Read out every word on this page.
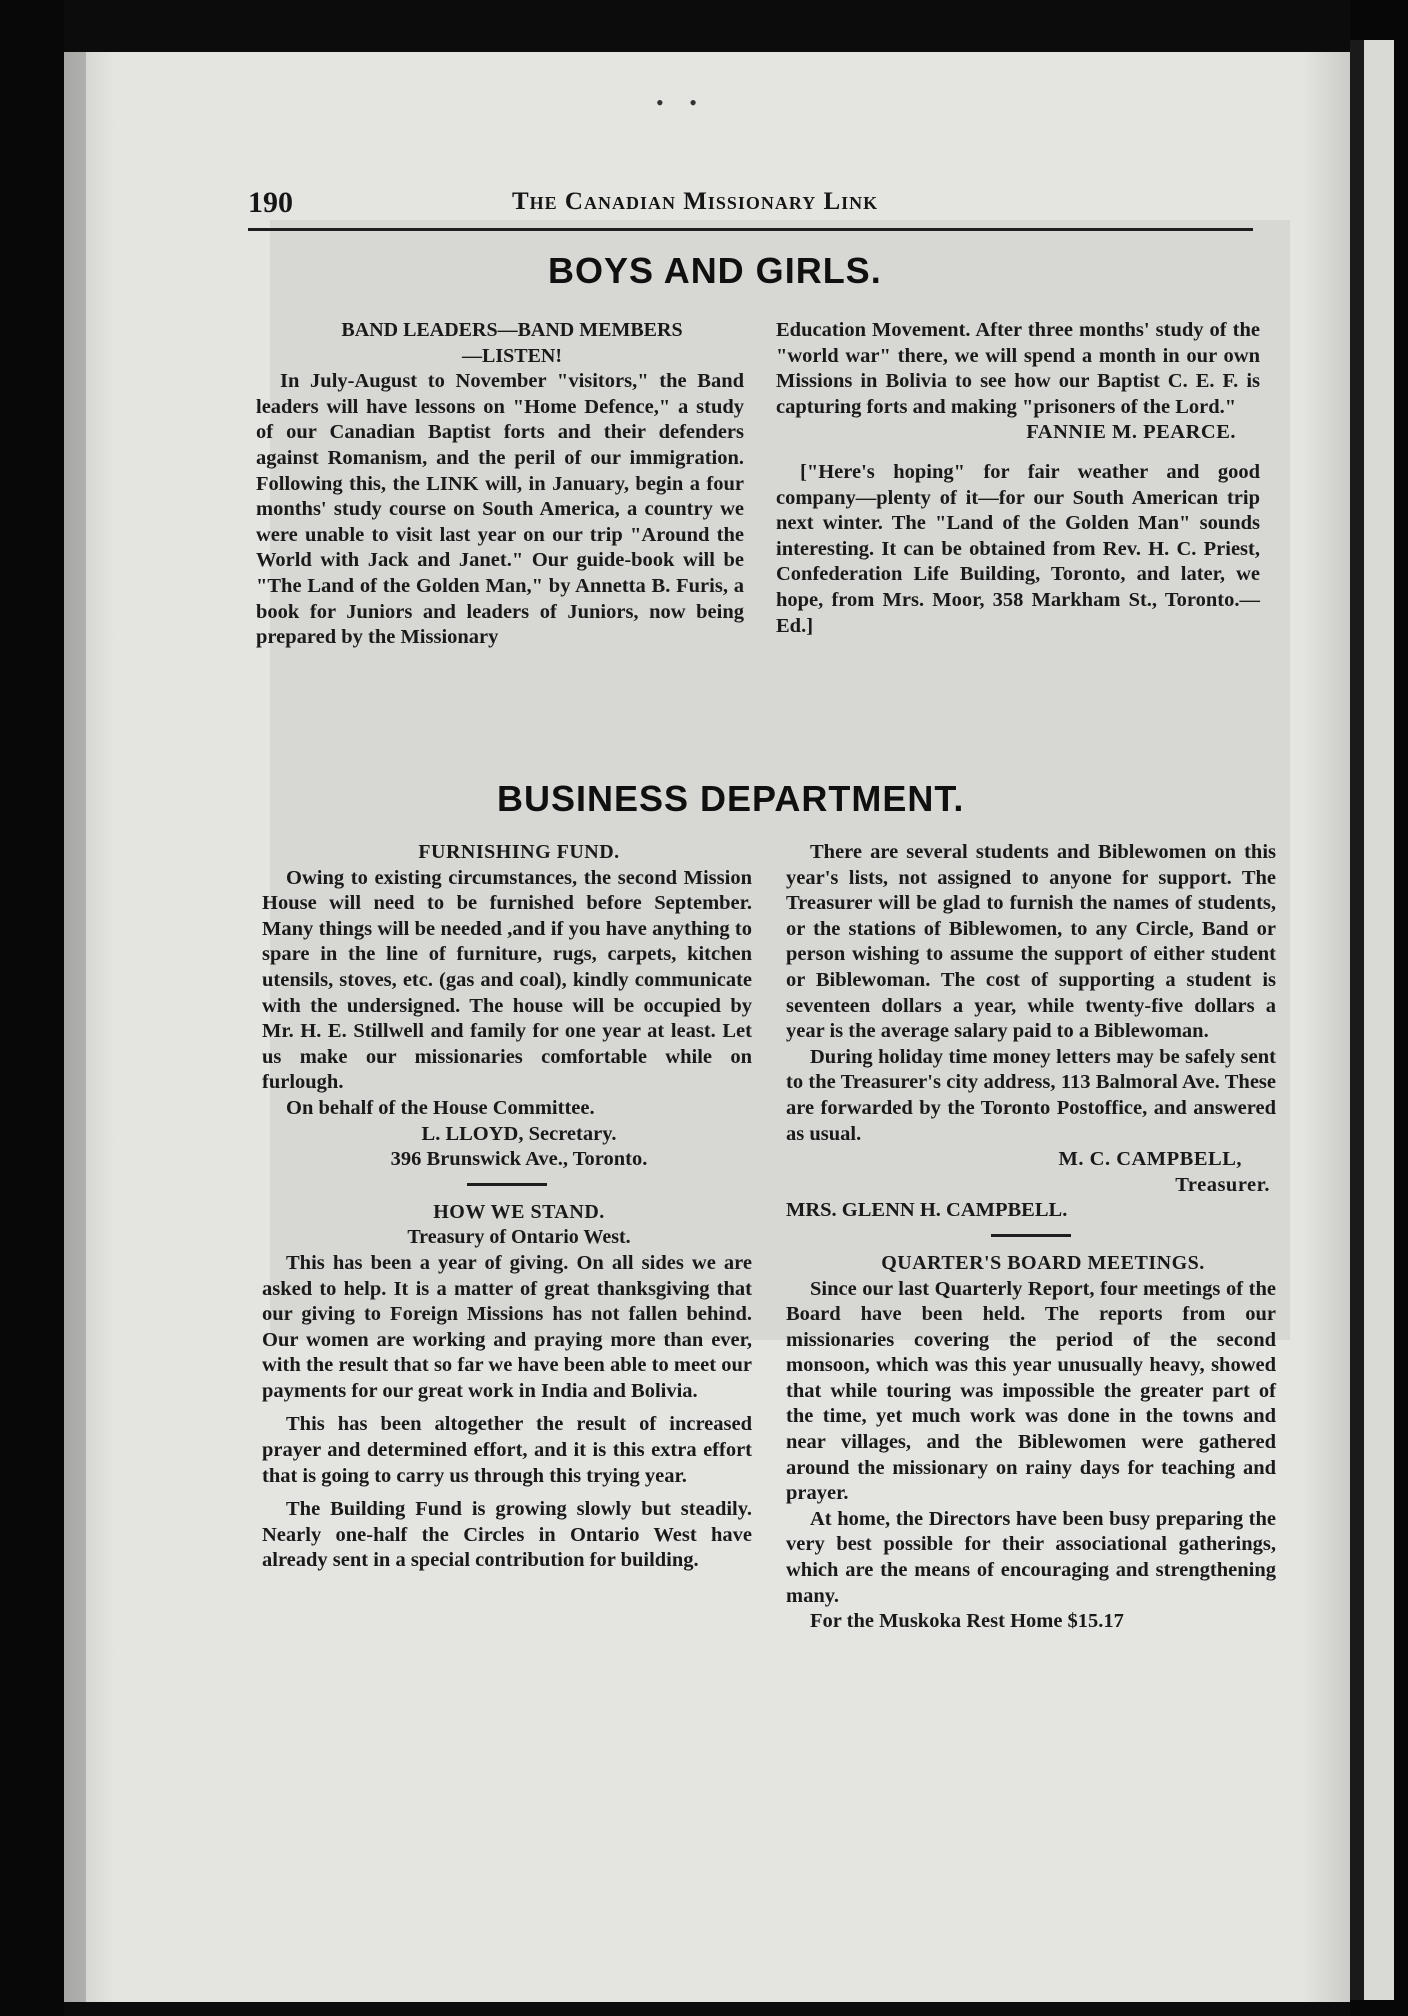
• •
190	The Canadian Missionary Link
BOYS AND GIRLS.

BAND LEADERS—BAND MEMBERS

—LISTEN!

In July-August to November "visitors," the Band leaders will have lessons on "Home Defence," a study of our Canadian Baptist forts and their defenders against Romanism, and the peril of our immigration. Following this, the LINK will, in January, begin a four months' study course on South America, a country we were unable to visit last year on our trip "Around the World with Jack and Janet." Our guide-book will be "The Land of the Golden Man," by Annetta B. Furis, a book for Juniors and leaders of Juniors, now being prepared by the Missionary

Education Movement. After three months' study of the "world war" there, we will spend a month in our own Missions in Bolivia to see how our Baptist C. E. F. is capturing forts and making "prisoners of the Lord."

FANNIE M. PEARCE.

["Here's hoping" for fair weather and good company—plenty of it—for our South American trip next winter. The "Land of the Golden Man" sounds interesting. It can be obtained from Rev. H. C. Priest, Confederation Life Building, Toronto, and later, we hope, from Mrs. Moor, 358 Markham St., Toronto.—Ed.]

BUSINESS DEPARTMENT.

FURNISHING FUND.

Owing to existing circumstances, the second Mission House will need to be furnished before September. Many things will be needed ,and if you have anything to spare in the line of furniture, rugs, carpets, kitchen utensils, stoves, etc. (gas and coal), kindly communicate with the undersigned. The house will be occupied by Mr. H. E. Stillwell and family for one year at least. Let us make our missionaries comfortable while on furlough.

On behalf of the House Committee.

L. LLOYD, Secretary.

396 Brunswick Ave., Toronto.

HOW WE STAND.

Treasury of Ontario West.

This has been a year of giving. On all sides we are asked to help. It is a matter of great thanksgiving that our giving to Foreign Missions has not fallen behind. Our women are working and praying more than ever, with the result that so far we have been able to meet our payments for our great work in India and Bolivia.

This has been altogether the result of increased prayer and determined effort, and it is this extra effort that is going to carry us through this trying year.

The Building Fund is growing slowly but steadily. Nearly one-half the Circles in Ontario West have already sent in a special contribution for building.

There are several students and Biblewomen on this year's lists, not assigned to anyone for support. The Treasurer will be glad to furnish the names of students, or the stations of Biblewomen, to any Circle, Band or person wishing to assume the support of either student or Biblewoman. The cost of supporting a student is seventeen dollars a year, while twenty-five dollars a year is the average salary paid to a Biblewoman.

During holiday time money letters may be safely sent to the Treasurer's city address, 113 Balmoral Ave. These are forwarded by the Toronto Postoffice, and answered as usual.

M. C. CAMPBELL,

Treasurer.

MRS. GLENN H. CAMPBELL.

QUARTER'S BOARD MEETINGS.

Since our last Quarterly Report, four meetings of the Board have been held. The reports from our missionaries covering the period of the second monsoon, which was this year unusually heavy, showed that while touring was impossible the greater part of the time, yet much work was done in the towns and near villages, and the Biblewomen were gathered around the missionary on rainy days for teaching and prayer.

At home, the Directors have been busy preparing the very best possible for their associational gatherings, which are the means of encouraging and strengthening many.

For the Muskoka Rest Home $15.17
